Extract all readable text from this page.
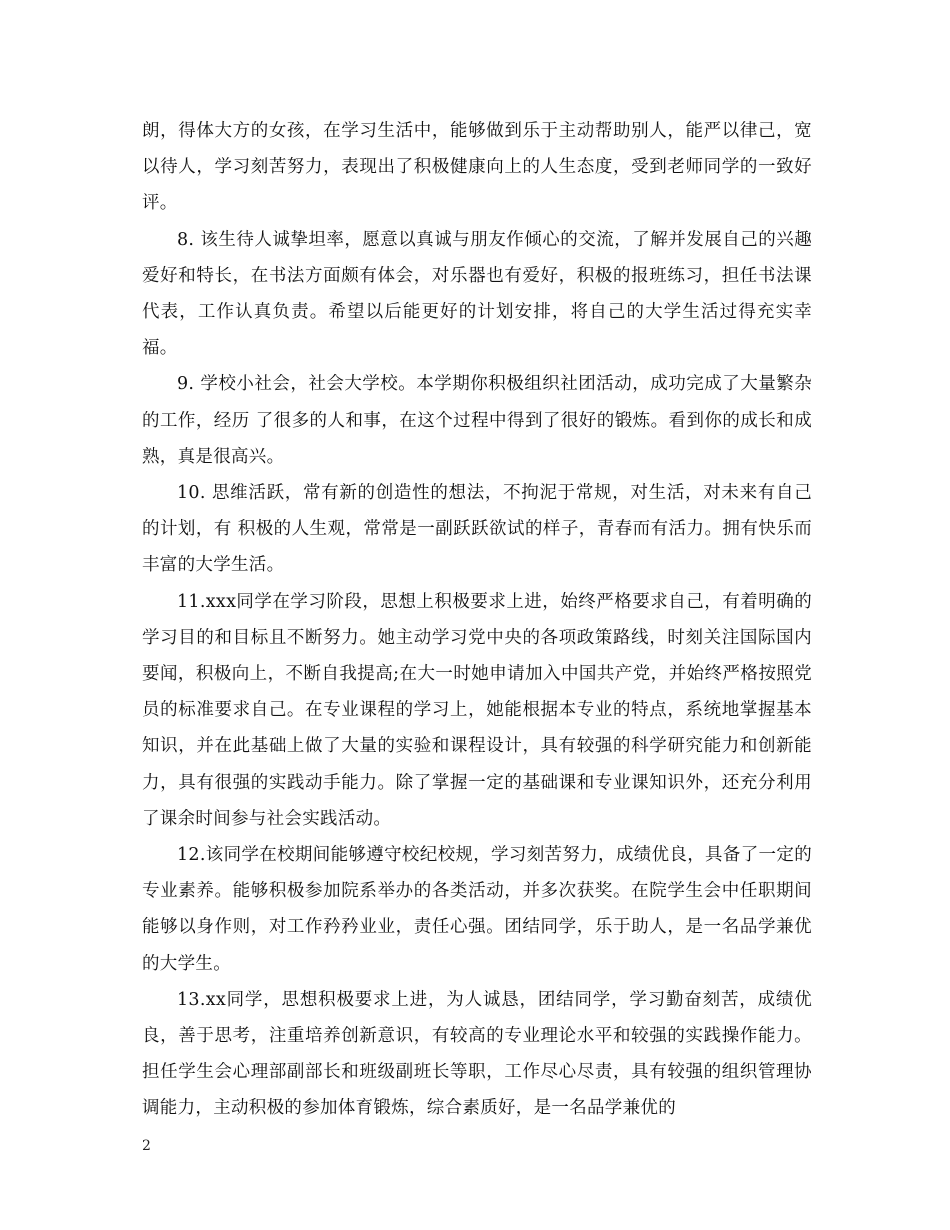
朗，得体大方的女孩，在学习生活中，能够做到乐于主动帮助别人，能严以律己，宽以待人，学习刻苦努力，表现出了积极健康向上的人生态度，受到老师同学的一致好评。

8. 该生待人诚挚坦率，愿意以真诚与朋友作倾心的交流，了解并发展自己的兴趣爱好和特长，在书法方面颇有体会，对乐器也有爱好，积极的报班练习，担任书法课代表，工作认真负责。希望以后能更好的计划安排，将自己的大学生活过得充实幸福。

9. 学校小社会，社会大学校。本学期你积极组织社团活动，成功完成了大量繁杂的工作，经历 了很多的人和事，在这个过程中得到了很好的锻炼。看到你的成长和成熟，真是很高兴。

10. 思维活跃，常有新的创造性的想法，不拘泥于常规，对生活，对未来有自己的计划，有 积极的人生观，常常是一副跃跃欲试的样子，青春而有活力。拥有快乐而丰富的大学生活。

11.xxx同学在学习阶段，思想上积极要求上进，始终严格要求自己，有着明确的学习目的和目标且不断努力。她主动学习党中央的各项政策路线，时刻关注国际国内要闻，积极向上，不断自我提高;在大一时她申请加入中国共产党，并始终严格按照党员的标准要求自己。在专业课程的学习上，她能根据本专业的特点，系统地掌握基本知识，并在此基础上做了大量的实验和课程设计，具有较强的科学研究能力和创新能力，具有很强的实践动手能力。除了掌握一定的基础课和专业课知识外，还充分利用了课余时间参与社会实践活动。

12.该同学在校期间能够遵守校纪校规，学习刻苦努力，成绩优良，具备了一定的专业素养。能够积极参加院系举办的各类活动，并多次获奖。在院学生会中任职期间能够以身作则，对工作矜矜业业，责任心强。团结同学，乐于助人，是一名品学兼优的大学生。

13.xx同学，思想积极要求上进，为人诚恳，团结同学，学习勤奋刻苦，成绩优良，善于思考，注重培养创新意识，有较高的专业理论水平和较强的实践操作能力。担任学生会心理部副部长和班级副班长等职，工作尽心尽责，具有较强的组织管理协调能力，主动积极的参加体育锻炼，综合素质好，是一名品学兼优的

2
